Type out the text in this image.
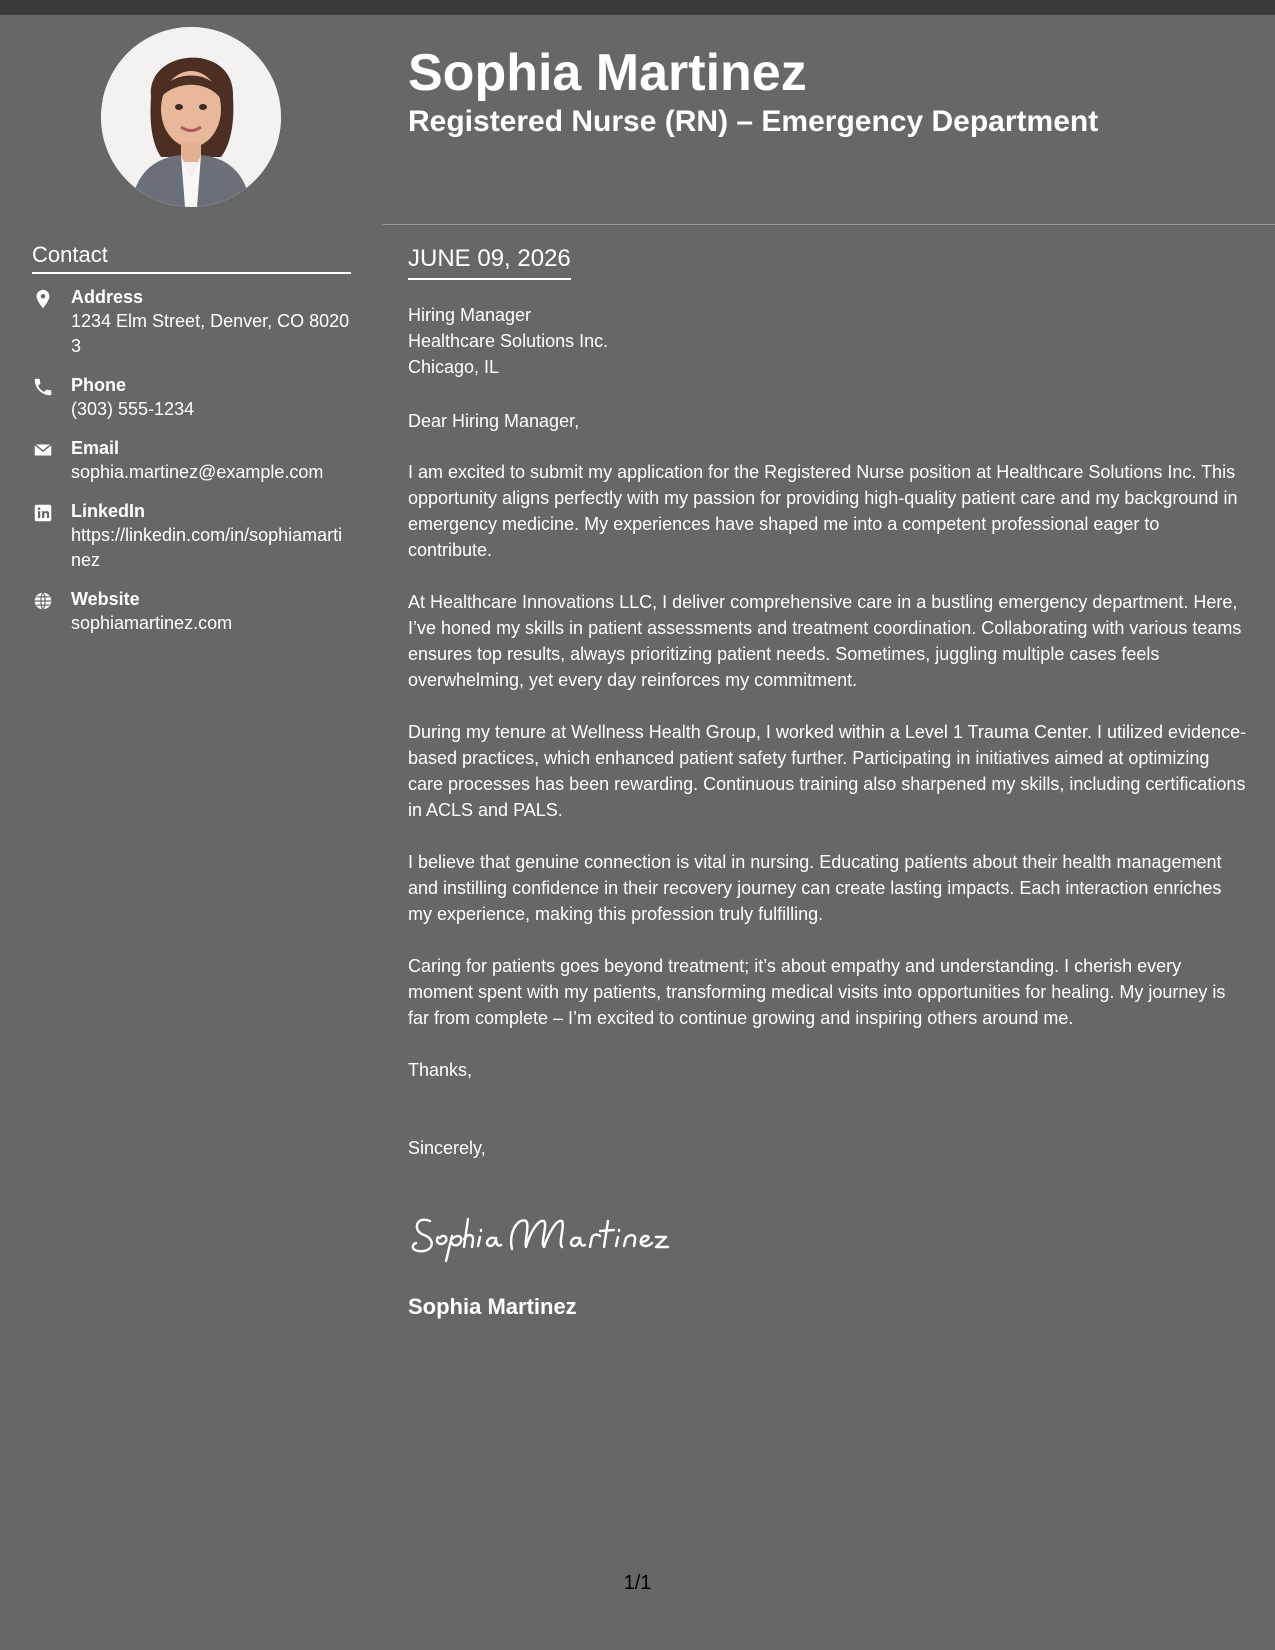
Contact
Address
1234 Elm Street, Denver, CO 80203
Phone
(303) 555-1234
Email
sophia.martinez@example.com
LinkedIn
https://linkedin.com/in/sophiamartinez
Website
sophiamartinez.com
Sophia Martinez
Registered Nurse (RN) – Emergency Department
JUNE 09, 2026

Hiring Manager
Healthcare Solutions Inc.
Chicago, IL

Dear Hiring Manager,

I am excited to submit my application for the Registered Nurse position at Healthcare Solutions Inc. This opportunity aligns perfectly with my passion for providing high-quality patient care and my background in emergency medicine. My experiences have shaped me into a competent professional eager to contribute.

At Healthcare Innovations LLC, I deliver comprehensive care in a bustling emergency department. Here, I’ve honed my skills in patient assessments and treatment coordination. Collaborating with various teams ensures top results, always prioritizing patient needs. Sometimes, juggling multiple cases feels overwhelming, yet every day reinforces my commitment.

During my tenure at Wellness Health Group, I worked within a Level 1 Trauma Center. I utilized evidence-based practices, which enhanced patient safety further. Participating in initiatives aimed at optimizing care processes has been rewarding. Continuous training also sharpened my skills, including certifications in ACLS and PALS.

I believe that genuine connection is vital in nursing. Educating patients about their health management and instilling confidence in their recovery journey can create lasting impacts. Each interaction enriches my experience, making this profession truly fulfilling.

Caring for patients goes beyond treatment; it’s about empathy and understanding. I cherish every moment spent with my patients, transforming medical visits into opportunities for healing. My journey is far from complete – I’m excited to continue growing and inspiring others around me.

Thanks,

Sincerely,

Sophia Martinez
1/1
